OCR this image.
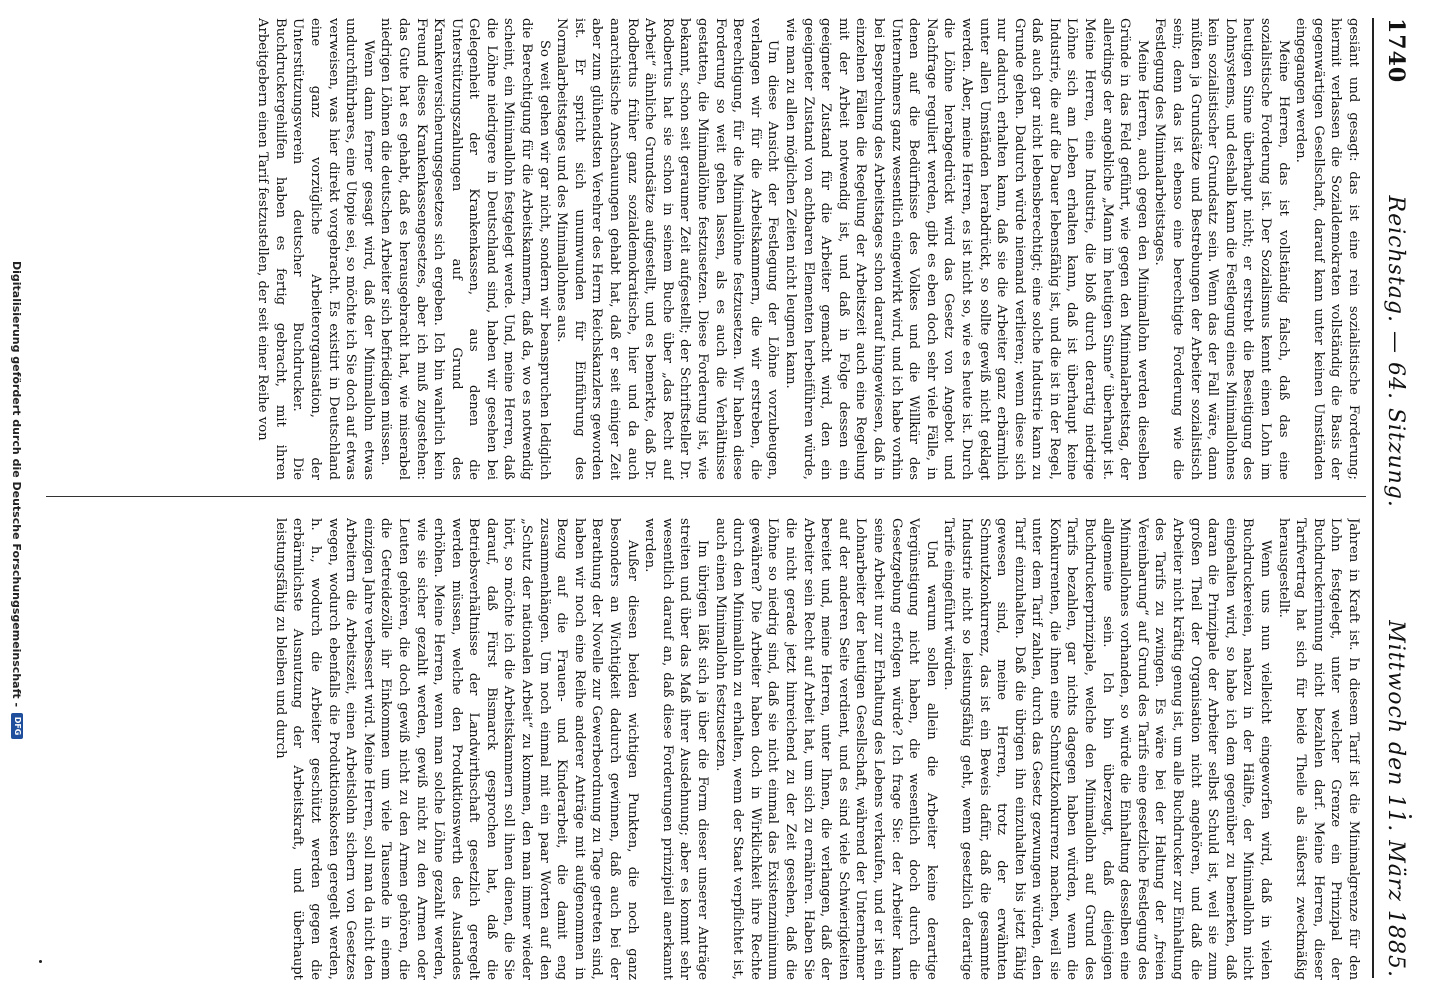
1740
Reichstag. — 64. Sitzung.
Mittwoch den 11. März 1885.

gesiänt und gesagt: das ist eine rein sozialistische Forderung; hiermit verlassen die Sozialdemokraten vollständig die Basis der gegenwärtigen Gesellschaft, darauf kann unter keinen Umständen eingegangen werden.

Meine Herren, das ist vollständig falsch, daß das eine sozialistische Forderung ist. Der Sozialismus kennt einen Lohn im heutigen Sinne überhaupt nicht; er erstrebt die Beseitigung des Lohnsystems, und deshalb kann die Festlegung eines Minimallohnes kein sozialistischer Grundsatz sein. Wenn das der Fall wäre, dann müßten ja Grundsätze und Bestrebungen der Arbeiter sozialistisch sein; denn das ist ebenso eine berechtigte Forderung wie die Festlegung des Minimalarbeitstages.

Meine Herren, auch gegen den Minimallohn werden dieselben Gründe in das Feld geführt, wie gegen den Minimalarbeitstag, der allerdings der angebliche „Mann im heutigen Sinne“ überhaupt ist. Meine Herren, eine Industrie, die bloß durch derartig niedrige Löhne sich am Leben erhalten kann, daß ist überhaupt keine Industrie, die auf die Dauer lebensfähig ist, und die ist in der Regel, daß auch gar nicht lebensberechtigt; eine solche Industrie kann zu Grunde gehen. Dadurch würde niemand verlieren; wenn diese sich nur dadurch erhalten kann, daß sie die Arbeiter ganz erbärmlich unter allen Umständen herabdrückt, so sollte gewiß nicht geklagt werden. Aber, meine Herren, es ist nicht so, wie es heute ist. Durch die Löhne herabgedrückt wird das Gesetz von Angebot und Nachfrage reguliert werden, gibt es eben doch sehr viele Fälle, in denen auf die Bedürfnisse des Volkes und die Willkür des Unternehmers ganz wesentlich eingewirkt wird, und ich habe vorhin bei Besprechung des Arbeitstages schon darauf hingewiesen, daß in einzelnen Fällen die Regelung der Arbeitszeit auch eine Regelung mit der Arbeit notwendig ist, und daß in Folge dessen ein geeigneter Zustand für die Arbeiter gemacht wird, den ein geeigneter Zustand von achtbaren Elementen herbeiführen würde, wie man zu allen möglichen Zeiten nicht leugnen kann.

Um diese Ansicht der Festlegung der Löhne vorzubeugen, verlangen wir für die Arbeitskammern, die wir erstreben, die Berechtigung, für die Minimallöhne festzusetzen. Wir haben diese Forderung so weit gehen lassen, als es auch die Verhältnisse gestatten, die Minimallöhne festzusetzen. Diese Forderung ist, wie bekannt, schon seit geraumer Zeit aufgestellt; der Schriftsteller Dr. Rodbertus hat sie schon in seinem Buche über „das Recht auf Arbeit“ ähnliche Grundsätze aufgestellt, und es bemerkte, daß Dr. Rodbertus früher ganz sozialdemokratische, hier und da auch anarchistische Anschauungen gehabt hat, daß er seit einiger Zeit aber zum glühendsten Verehrer des Herrn Reichskanzlers geworden ist. Er spricht sich unumwunden für Einführung des Normalarbeitstages und des Minimallohnes aus.

So weit gehen wir gar nicht, sondern wir beanspruchen lediglich die Berechtigung für die Arbeitskammern, daß da, wo es notwendig scheint, ein Minimallohn festgelegt werde. Und, meine Herren, daß die Löhne niedrigere in Deutschland sind, haben wir gesehen bei Gelegenheit der Krankenkassen, aus denen die Unterstützungszahlungen auf Grund des Krankenversicherungsgesetzes sich ergeben. Ich bin wahrlich kein Freund dieses Krankenkassengesetzes, aber ich muß zugestehen: das Gute hat es gehabt, daß es herausgebracht hat, wie miserabel niedrigen Löhnen die deutschen Arbeiter sich befriedigen müssen.

Wenn dann ferner gesagt wird, daß der Minimallohn etwas undurchführbares, eine Utopie sei, so möchte ich Sie doch auf etwas verweisen, was hier direkt vorgebracht. Es existirt in Deutschland eine ganz vorzügliche Arbeiterorganisation, der Unterstützungsverein deutscher Buchdrucker. Die Buchdruckergehilfen haben es fertig gebracht, mit ihren Arbeitgebern einen Tarif festzustellen, der seit einer Reihe von

Jahren in Kraft ist. In diesem Tarif ist die Minimalgrenze für den Lohn festgelegt, unter welcher Grenze ein Prinzipal der Buchdruckerinnung nicht bezahlen darf. Meine Herren, dieser Tarifvertrag hat sich für beide Theile als äußerst zweckmäßig herausgestellt.

Wenn uns nun vielleicht eingeworfen wird, daß in vielen Buchdruckereien, nahezu in der Hälfte, der Minimallohn nicht eingehalten wird, so habe ich dem gegenüber zu bemerken, daß daran die Prinzipale der Arbeiter selbst Schuld ist, weil sie zum großen Theil der Organisation nicht angehören, und daß die Arbeiter nicht kräftig genug ist, um alle Buchdrucker zur Einhaltung des Tarifs zu zwingen. Es wäre bei der Haltung der „freien Vereinbarung“ auf Grund des Tarifs eine gesetzliche Festlegung des Minimallohnes vorhanden, so würde die Einhaltung desselben eine allgemeine sein. Ich bin überzeugt, daß diejenigen Buchdruckerprinzipale, welche den Minimallohn auf Grund des Tarifs bezahlen, gar nichts dagegen haben würden, wenn die Konkurrenten, die ihnen eine Schmutzkonkurrenz machen, weil sie unter dem Tarif zahlen, durch das Gesetz gezwungen würden, den Tarif einzuhalten. Daß die übrigen ihn einzuhalten bis jetzt fähig gewesen sind, meine Herren, trotz der erwähnten Schmutzkonkurrenz, das ist ein Beweis dafür, daß die gesammte Industrie nicht so leistungsfähig geht, wenn gesetzlich derartige Tarife eingeführt würden.

Und warum sollen allein die Arbeiter keine derartige Vergünstigung nicht haben, die wesentlich doch durch die Gesetzgebung erfolgen würde? Ich frage Sie: der Arbeiter kann seine Arbeit nur zur Erhaltung des Lebens verkaufen, und er ist ein Lohnarbeiter der heutigen Gesellschaft, während der Unternehmer auf der anderen Seite verdient, und es sind viele Schwierigkeiten bereitet und, meine Herren, unter Ihnen, die verlangen, daß der Arbeiter sein Recht auf Arbeit hat, um sich zu ernähren. Haben Sie die nicht gerade jetzt hinreichend zu der Zeit gesehen, daß die Löhne so niedrig sind, daß sie nicht einmal das Existenzminimum gewähren? Die Arbeiter haben doch in Wirklichkeit ihre Rechte durch den Minimallohn zu erhalten, wenn der Staat verpflichtet ist, auch einen Minimallohn festzusetzen.

Im übrigen läßt sich ja über die Form dieser unserer Anträge streiten und über das Maß ihrer Ausdehnung; aber es kommt sehr wesentlich darauf an, daß diese Forderungen prinzipiell anerkannt werden.

Außer diesen beiden wichtigen Punkten, die noch ganz besonders an Wichtigkeit dadurch gewinnen, daß auch bei der Berathung der Novelle zur Gewerbeordnung zu Tage getreten sind, haben wir noch eine Reihe anderer Anträge mit aufgenommen in Bezug auf die Frauen- und Kinderarbeit, die damit eng zusammenhängen. Um noch einmal mit ein paar Worten auf den „Schutz der nationalen Arbeit“ zu kommen, den man immer wieder hört, so möchte ich die Arbeitskammern soll ihnen dienen, die Sie darauf, daß Fürst Bismarck gesprochen hat, daß die Betriebsverhältnisse der Landwirthschaft gesetzlich geregelt werden müssen, welche den Produktionswerth des Auslandes erhöhen. Meine Herren, wenn man solche Löhne gezahlt werden, wie sie sicher gezahlt werden, gewiß nicht zu den Armen oder Leuten gehören, die doch gewiß nicht zu den Armen gehören, die die Getreidezölle ihr Einkommen um viele Tausende in einem einzigen Jahre verbessert wird. Meine Herren, soll man da nicht den Arbeitern die Arbeitszeit, einen Arbeitslohn sichern von Gesetzes wegen, wodurch ebenfalls die Produktionskosten geregelt werden, h. h., wodurch die Arbeiter geschützt werden gegen die erbärmlichste Ausnutzung der Arbeitskraft, und überhaupt leistungsfähig zu bleiben und durch

Digitalisierung gefördert durch die Deutsche Forschungsgemeinschaft -
DFG
